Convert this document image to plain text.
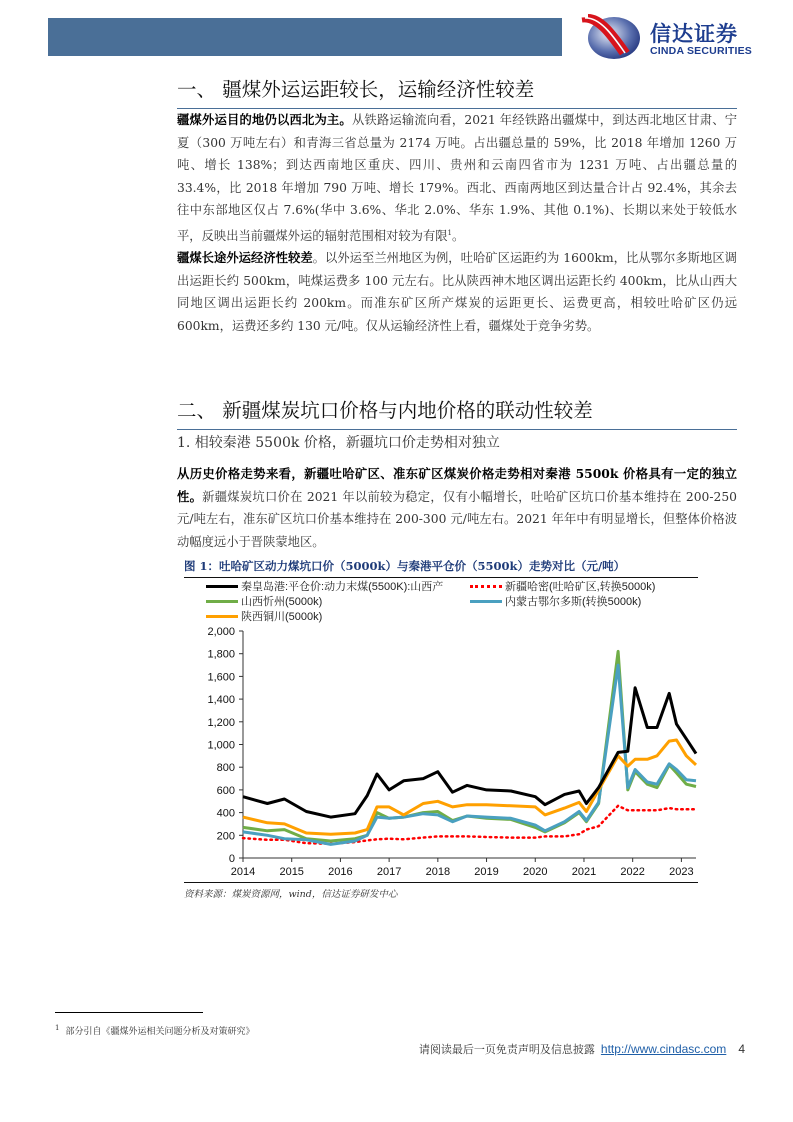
信达证券
CINDA SECURITIES
一、 疆煤外运运距较长，运输经济性较差
疆煤外运目的地仍以西北为主。从铁路运输流向看，2021 年经铁路出疆煤中，到达西北地区甘肃、宁夏（300 万吨左右）和青海三省总量为 2174 万吨。占出疆总量的 59%，比 2018 年增加 1260 万吨、增长 138%；到达西南地区重庆、四川、贵州和云南四省市为 1231 万吨、占出疆总量的 33.4%，比 2018 年增加 790 万吨、增长 179%。西北、西南两地区到达量合计占 92.4%，其余去往中东部地区仅占 7.6%(华中 3.6%、华北 2.0%、华东 1.9%、其他 0.1%)、长期以来处于较低水平，反映出当前疆煤外运的辐射范围相对较为有限$^1$。
疆煤长途外运经济性较差。以外运至兰州地区为例，吐哈矿区运距约为 1600km，比从鄂尔多斯地区调出运距长约 500km，吨煤运费多 100 元左右。比从陕西神木地区调出运距长约 400km，比从山西大同地区调出运距长约 200km。而准东矿区所产煤炭的运距更长、运费更高，相较吐哈矿区仍远 600km，运费还多约 130 元/吨。仅从运输经济性上看，疆煤处于竞争劣势。
二、 新疆煤炭坑口价格与内地价格的联动性较差
1. 相较秦港 5500k 价格，新疆坑口价走势相对独立
从历史价格走势来看，新疆吐哈矿区、准东矿区煤炭价格走势相对秦港 5500k 价格具有一定的独立性。新疆煤炭坑口价在 2021 年以前较为稳定，仅有小幅增长，吐哈矿区坑口价基本维持在 200-250 元/吨左右，准东矿区坑口价基本维持在 200-300 元/吨左右。2021 年年中有明显增长，但整体价格波动幅度远小于晋陕蒙地区。
图 1：吐哈矿区动力煤坑口价（5000k）与秦港平仓价（5500k）走势对比（元/吨）
秦皇岛港:平仓价:动力末煤(5500K):山西产	新疆哈密(吐哈矿区,转换5000k)
山西忻州(5000k)	内蒙古鄂尔多斯(转换5000k)
陕西铜川(5000k)
0
200
400
600
800
1,000
1,200
1,400
1,600
1,800
2,000
2014 2015 2016 2017 2018 2019 2020 2021 2022 2023
资料来源：煤炭资源网，wind，信达证券研发中心
$^1$ 部分引自《疆煤外运相关问题分析及对策研究》
请阅读最后一页免责声明及信息披露 http://www.cindasc.com 4
